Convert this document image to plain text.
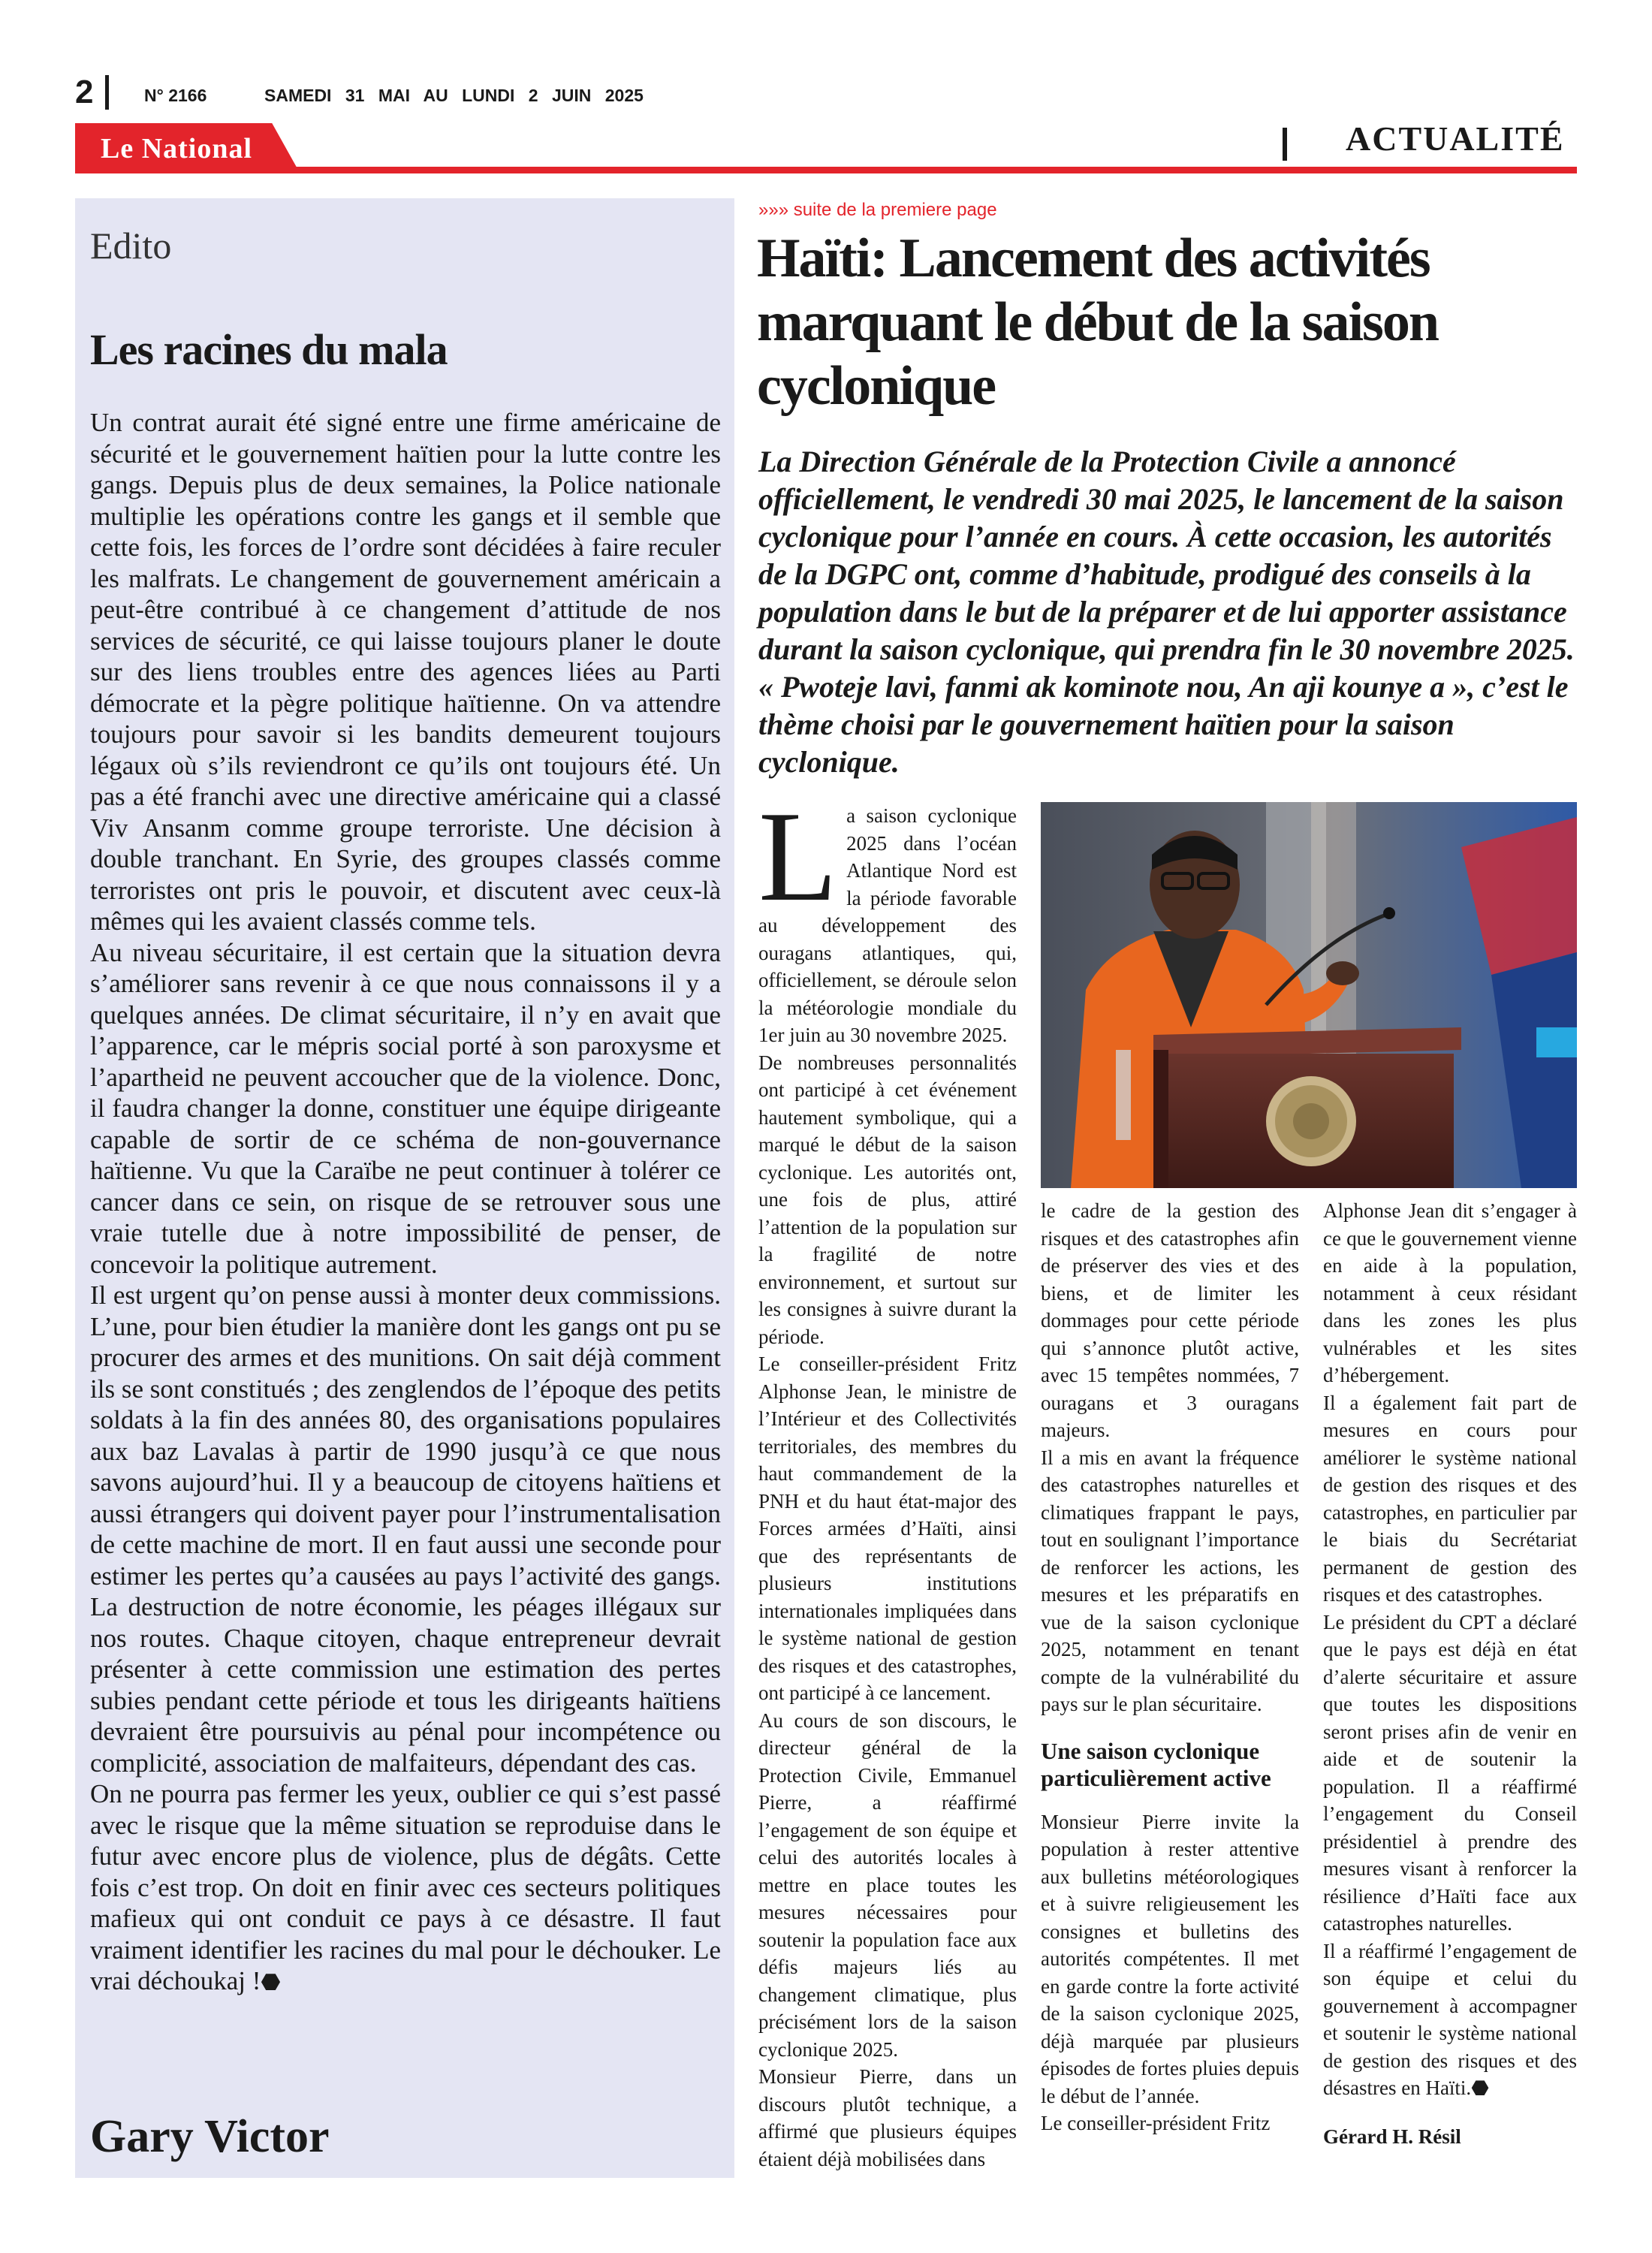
2	N° 2166	SAMEDI 31 MAI AU LUNDI 2 JUIN 2025
Le National	ACTUALITÉ
Edito
Les racines du mala

Un contrat aurait été signé entre une firme américaine de sécurité et le gouvernement haïtien pour la lutte contre les gangs. Depuis plus de deux semaines, la Police nationale multiplie les opérations contre les gangs et il semble que cette fois, les forces de l’ordre sont décidées à faire reculer les malfrats. Le changement de gouvernement américain a peut-être contribué à ce changement d’attitude de nos services de sécurité, ce qui laisse toujours planer le doute sur des liens troubles entre des agences liées au Parti démocrate et la pègre politique haïtienne. On va attendre toujours pour savoir si les bandits demeurent toujours légaux où s’ils reviendront ce qu’ils ont toujours été. Un pas a été franchi avec une directive américaine qui a classé Viv Ansanm comme groupe terroriste. Une décision à double tranchant. En Syrie, des groupes classés comme terroristes ont pris le pouvoir, et discutent avec ceux-là mêmes qui les avaient classés comme tels.

Au niveau sécuritaire, il est certain que la situation devra s’améliorer sans revenir à ce que nous connaissons il y a quelques années. De climat sécuritaire, il n’y en avait que l’apparence, car le mépris social porté à son paroxysme et l’apartheid ne peuvent accoucher que de la violence. Donc, il faudra changer la donne, constituer une équipe dirigeante capable de sortir de ce schéma de non-gouvernance haïtienne. Vu que la Caraïbe ne peut continuer à tolérer ce cancer dans ce sein, on risque de se retrouver sous une vraie tutelle due à notre impossibilité de penser, de concevoir la politique autrement.

Il est urgent qu’on pense aussi à monter deux commissions. L’une, pour bien étudier la manière dont les gangs ont pu se procurer des armes et des munitions. On sait déjà comment ils se sont constitués ; des zenglendos de l’époque des petits soldats à la fin des années 80, des organisations populaires aux baz Lavalas à partir de 1990 jusqu’à ce que nous savons aujourd’hui. Il y a beaucoup de citoyens haïtiens et aussi étrangers qui doivent payer pour l’instrumentalisation de cette machine de mort. Il en faut aussi une seconde pour estimer les pertes qu’a causées au pays l’activité des gangs. La destruction de notre économie, les péages illégaux sur nos routes. Chaque citoyen, chaque entrepreneur devrait présenter à cette commission une estimation des pertes subies pendant cette période et tous les dirigeants haïtiens devraient être poursuivis au pénal pour incompétence ou complicité, association de malfaiteurs, dépendant des cas.

On ne pourra pas fermer les yeux, oublier ce qui s’est passé avec le risque que la même situation se reproduise dans le futur avec encore plus de violence, plus de dégâts. Cette fois c’est trop. On doit en finir avec ces secteurs politiques mafieux qui ont conduit ce pays à ce désastre. Il faut vraiment identifier les racines du mal pour le déchouker. Le vrai déchoukaj !⬣

Gary Victor
»»» suite de la premiere page
Haïti: Lancement des activités marquant le début de la saison cyclonique

La Direction Générale de la Protection Civile a annoncé officiellement, le vendredi 30 mai 2025, le lancement de la saison cyclonique pour l’année en cours. À cette occasion, les autorités de la DGPC ont, comme d’habitude, prodigué des conseils à la population dans le but de la préparer et de lui apporter assistance durant la saison cyclonique, qui prendra fin le 30 novembre 2025. « Pwoteje lavi, fanmi ak kominote nou, An aji kounye a », c’est le thème choisi par le gouvernement haïtien pour la saison cyclonique.

La saison cyclonique 2025 dans l’océan Atlantique Nord est la période favorable au développement des ouragans atlantiques, qui, officiellement, se déroule selon la météorologie mondiale du 1er juin au 30 novembre 2025.

De nombreuses personnalités ont participé à cet événement hautement symbolique, qui a marqué le début de la saison cyclonique. Les autorités ont, une fois de plus, attiré l’attention de la population sur la fragilité de notre environnement, et surtout sur les consignes à suivre durant la période.

Le conseiller-président Fritz Alphonse Jean, le ministre de l’Intérieur et des Collectivités territoriales, des membres du haut commandement de la PNH et du haut état-major des Forces armées d’Haïti, ainsi que des représentants de plusieurs institutions internationales impliquées dans le système national de gestion des risques et des catastrophes, ont participé à ce lancement.

Au cours de son discours, le directeur général de la Protection Civile, Emmanuel Pierre, a réaffirmé l’engagement de son équipe et celui des autorités locales à mettre en place toutes les mesures nécessaires pour soutenir la population face aux défis majeurs liés au changement climatique, plus précisément lors de la saison cyclonique 2025.

Monsieur Pierre, dans un discours plutôt technique, a affirmé que plusieurs équipes étaient déjà mobilisées dans

le cadre de la gestion des risques et des catastrophes afin de préserver des vies et des biens, et de limiter les dommages pour cette période qui s’annonce plutôt active, avec 15 tempêtes nommées, 7 ouragans et 3 ouragans majeurs.

Il a mis en avant la fréquence des catastrophes naturelles et climatiques frappant le pays, tout en soulignant l’importance de renforcer les actions, les mesures et les préparatifs en vue de la saison cyclonique 2025, notamment en tenant compte de la vulnérabilité du pays sur le plan sécuritaire.

Une saison cyclonique particulièrement active

Monsieur Pierre invite la population à rester attentive aux bulletins météorologiques et à suivre religieusement les consignes et bulletins des autorités compétentes. Il met en garde contre la forte activité de la saison cyclonique 2025, déjà marquée par plusieurs épisodes de fortes pluies depuis le début de l’année.

Le conseiller-président Fritz

Alphonse Jean dit s’engager à ce que le gouvernement vienne en aide à la population, notamment à ceux résidant dans les zones les plus vulnérables et les sites d’hébergement.

Il a également fait part de mesures en cours pour améliorer le système national de gestion des risques et des catastrophes, en particulier par le biais du Secrétariat permanent de gestion des risques et des catastrophes.

Le président du CPT a déclaré que le pays est déjà en état d’alerte sécuritaire et assure que toutes les dispositions seront prises afin de venir en aide et de soutenir la population. Il a réaffirmé l’engagement du Conseil présidentiel à prendre des mesures visant à renforcer la résilience d’Haïti face aux catastrophes naturelles.

Il a réaffirmé l’engagement de son équipe et celui du gouvernement à accompagner et soutenir le système national de gestion des risques et des désastres en Haïti.⬣

Gérard H. Résil
